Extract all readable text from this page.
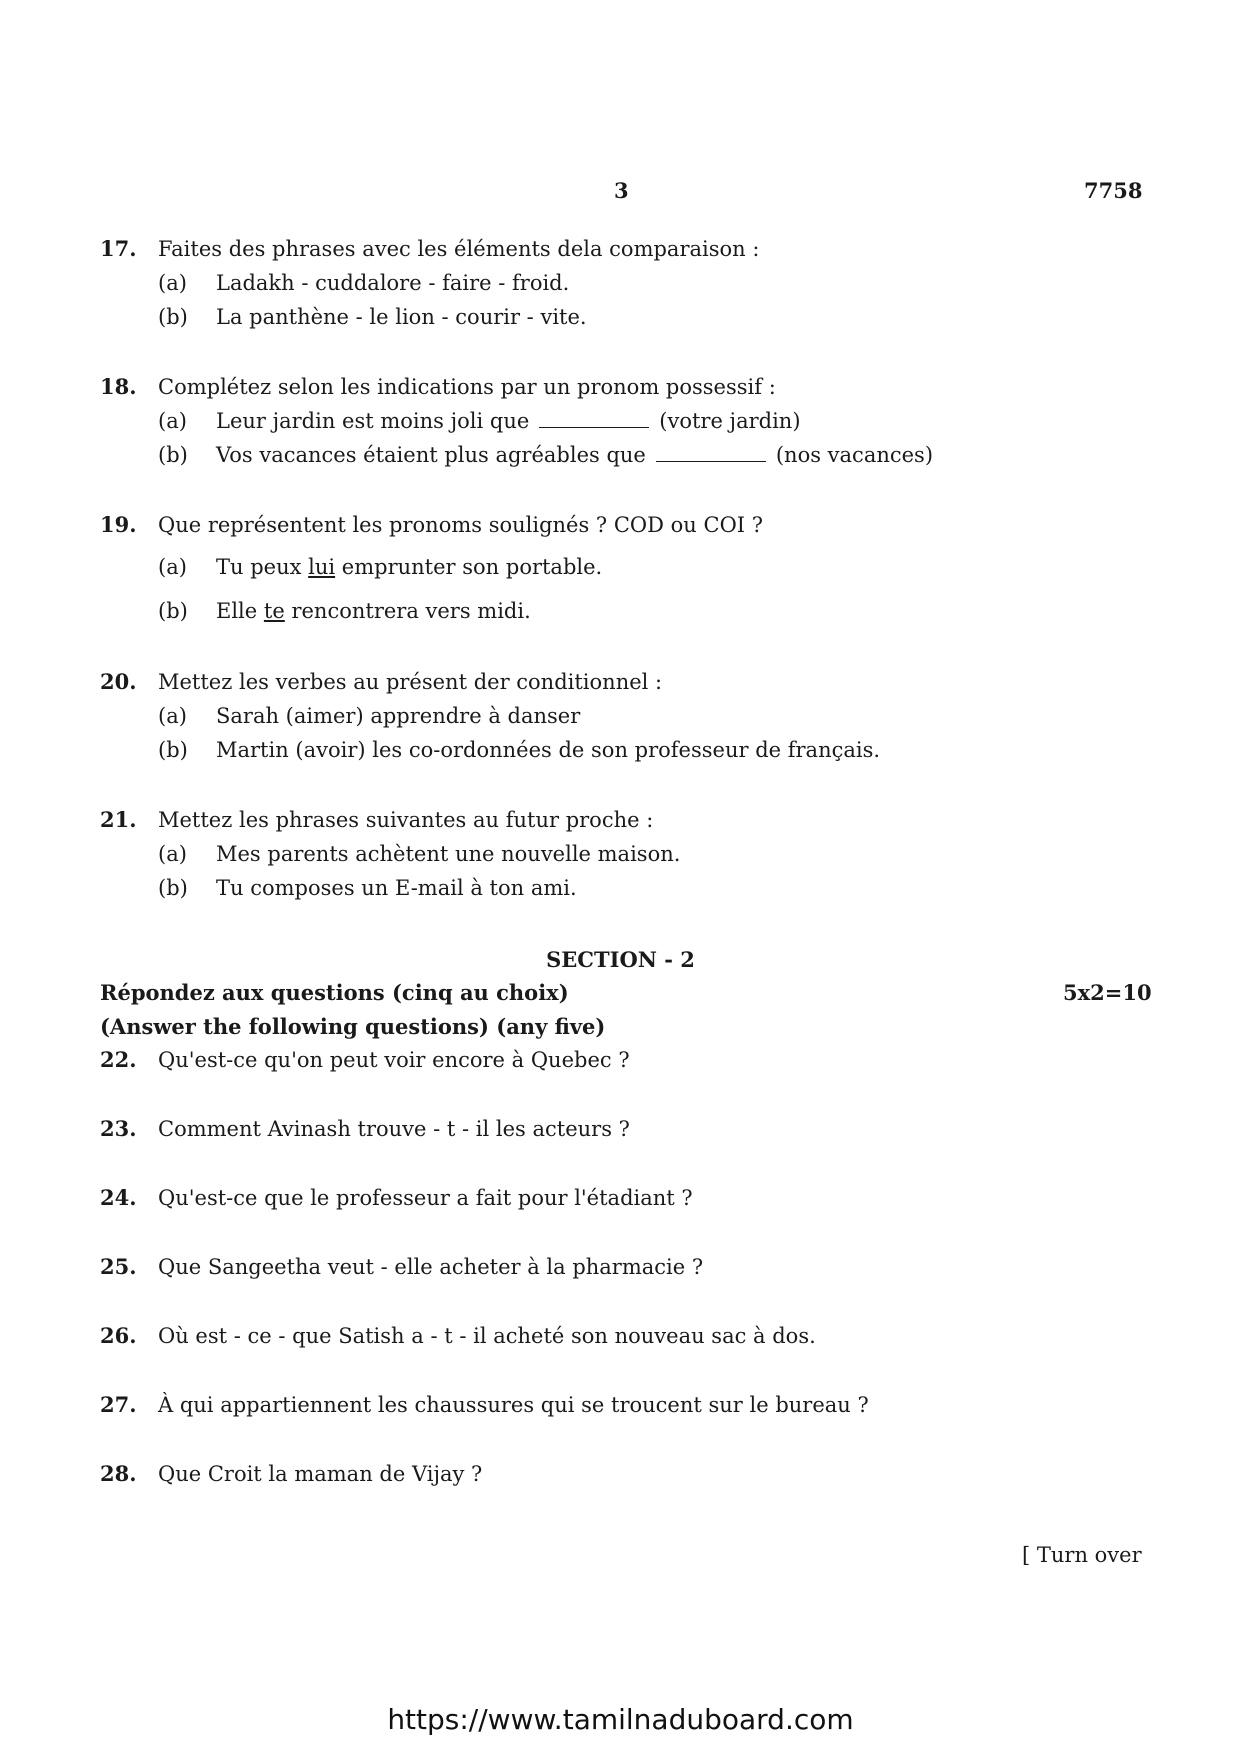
3	7758
17.	Faites des phrases avec les éléments dela comparaison :
(a)	Ladakh - cuddalore - faire - froid.
(b)	La panthène - le lion - courir - vite.
18.	Complétez selon les indications par un pronom possessif :
(a)	Leur jardin est moins joli que	(votre jardin)
(b)	Vos vacances étaient plus agréables que	(nos vacances)
19.	Que représentent les pronoms soulignés ? COD ou COI ?
(a)	Tu peux lui emprunter son portable.
(b)	Elle te rencontrera vers midi.
20.	Mettez les verbes au présent der conditionnel :
(a)	Sarah (aimer) apprendre à danser
(b)	Martin (avoir) les co-ordonnées de son professeur de français.
21.	Mettez les phrases suivantes au futur proche :
(a)	Mes parents achètent une nouvelle maison.
(b)	Tu composes un E-mail à ton ami.
SECTION - 2
Répondez aux questions (cinq au choix)	5x2=10
(Answer the following questions) (any five)
22.	Qu'est-ce qu'on peut voir encore à Quebec ?
23.	Comment Avinash trouve - t - il les acteurs ?
24.	Qu'est-ce que le professeur a fait pour l'étadiant ?
25.	Que Sangeetha veut - elle acheter à la pharmacie ?
26.	Où est - ce - que Satish a - t - il acheté son nouveau sac à dos.
27.	À qui appartiennent les chaussures qui se troucent sur le bureau ?
28.	Que Croit la maman de Vijay ?
[ Turn over
https://www.tamilnaduboard.com
